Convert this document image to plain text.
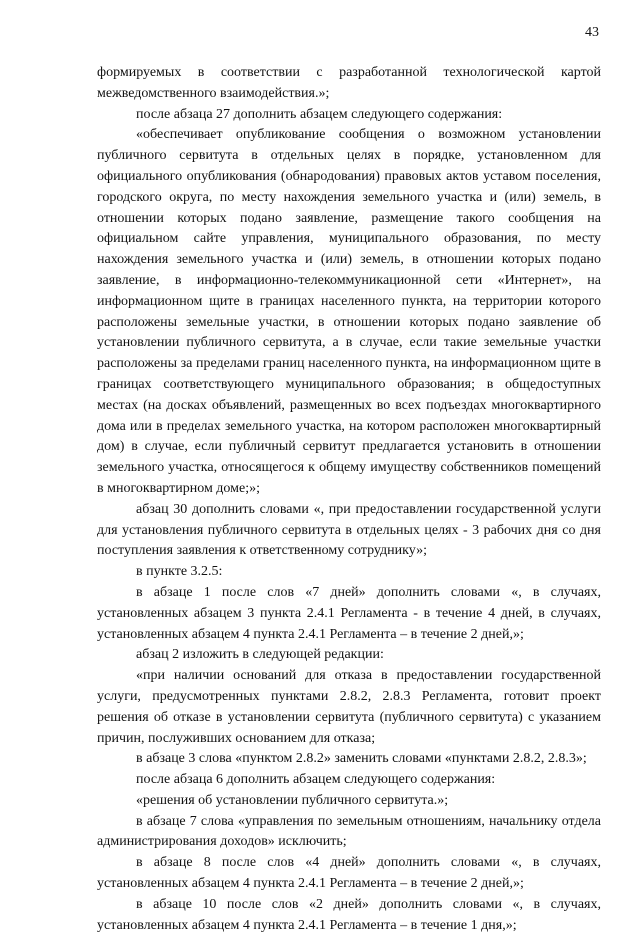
43

формируемых в соответствии с разработанной технологической картой межведомственного взаимодействия.»;

после абзаца 27 дополнить абзацем следующего содержания:

«обеспечивает опубликование сообщения о возможном установлении публичного сервитута в отдельных целях в порядке, установленном для официального опубликования (обнародования) правовых актов уставом поселения, городского округа, по месту нахождения земельного участка и (или) земель, в отношении которых подано заявление, размещение такого сообщения на официальном сайте управления, муниципального образования, по месту нахождения земельного участка и (или) земель, в отношении которых подано заявление, в информационно-телекоммуникационной сети «Интернет», на информационном щите в границах населенного пункта, на территории которого расположены земельные участки, в отношении которых подано заявление об установлении публичного сервитута, а в случае, если такие земельные участки расположены за пределами границ населенного пункта, на информационном щите в границах соответствующего муниципального образования; в общедоступных местах (на досках объявлений, размещенных во всех подъездах многоквартирного дома или в пределах земельного участка, на котором расположен многоквартирный дом) в случае, если публичный сервитут предлагается установить в отношении земельного участка, относящегося к общему имуществу собственников помещений в многоквартирном доме;»;

абзац 30 дополнить словами «, при предоставлении государственной услуги для установления публичного сервитута в отдельных целях - 3 рабочих дня со дня поступления заявления к ответственному сотруднику»;

в пункте 3.2.5:

в абзаце 1 после слов «7 дней» дополнить словами «, в случаях, установленных абзацем 3 пункта 2.4.1 Регламента - в течение 4 дней, в случаях, установленных абзацем 4 пункта 2.4.1 Регламента – в течение 2 дней,»;

абзац 2 изложить в следующей редакции:

«при наличии оснований для отказа в предоставлении государственной услуги, предусмотренных пунктами 2.8.2, 2.8.3 Регламента, готовит проект решения об отказе в установлении сервитута (публичного сервитута) с указанием причин, послуживших основанием для отказа;

в абзаце 3 слова «пунктом 2.8.2» заменить словами «пунктами 2.8.2, 2.8.3»;

после абзаца 6 дополнить абзацем следующего содержания:

«решения об установлении публичного сервитута.»;

в абзаце 7 слова «управления по земельным отношениям, начальнику отдела администрирования доходов» исключить;

в абзаце 8 после слов «4 дней» дополнить словами «, в случаях, установленных абзацем 4 пункта 2.4.1 Регламента – в течение 2 дней,»;

в абзаце 10 после слов «2 дней» дополнить словами «, в случаях, установленных абзацем 4 пункта 2.4.1 Регламента – в течение 1 дня,»;
